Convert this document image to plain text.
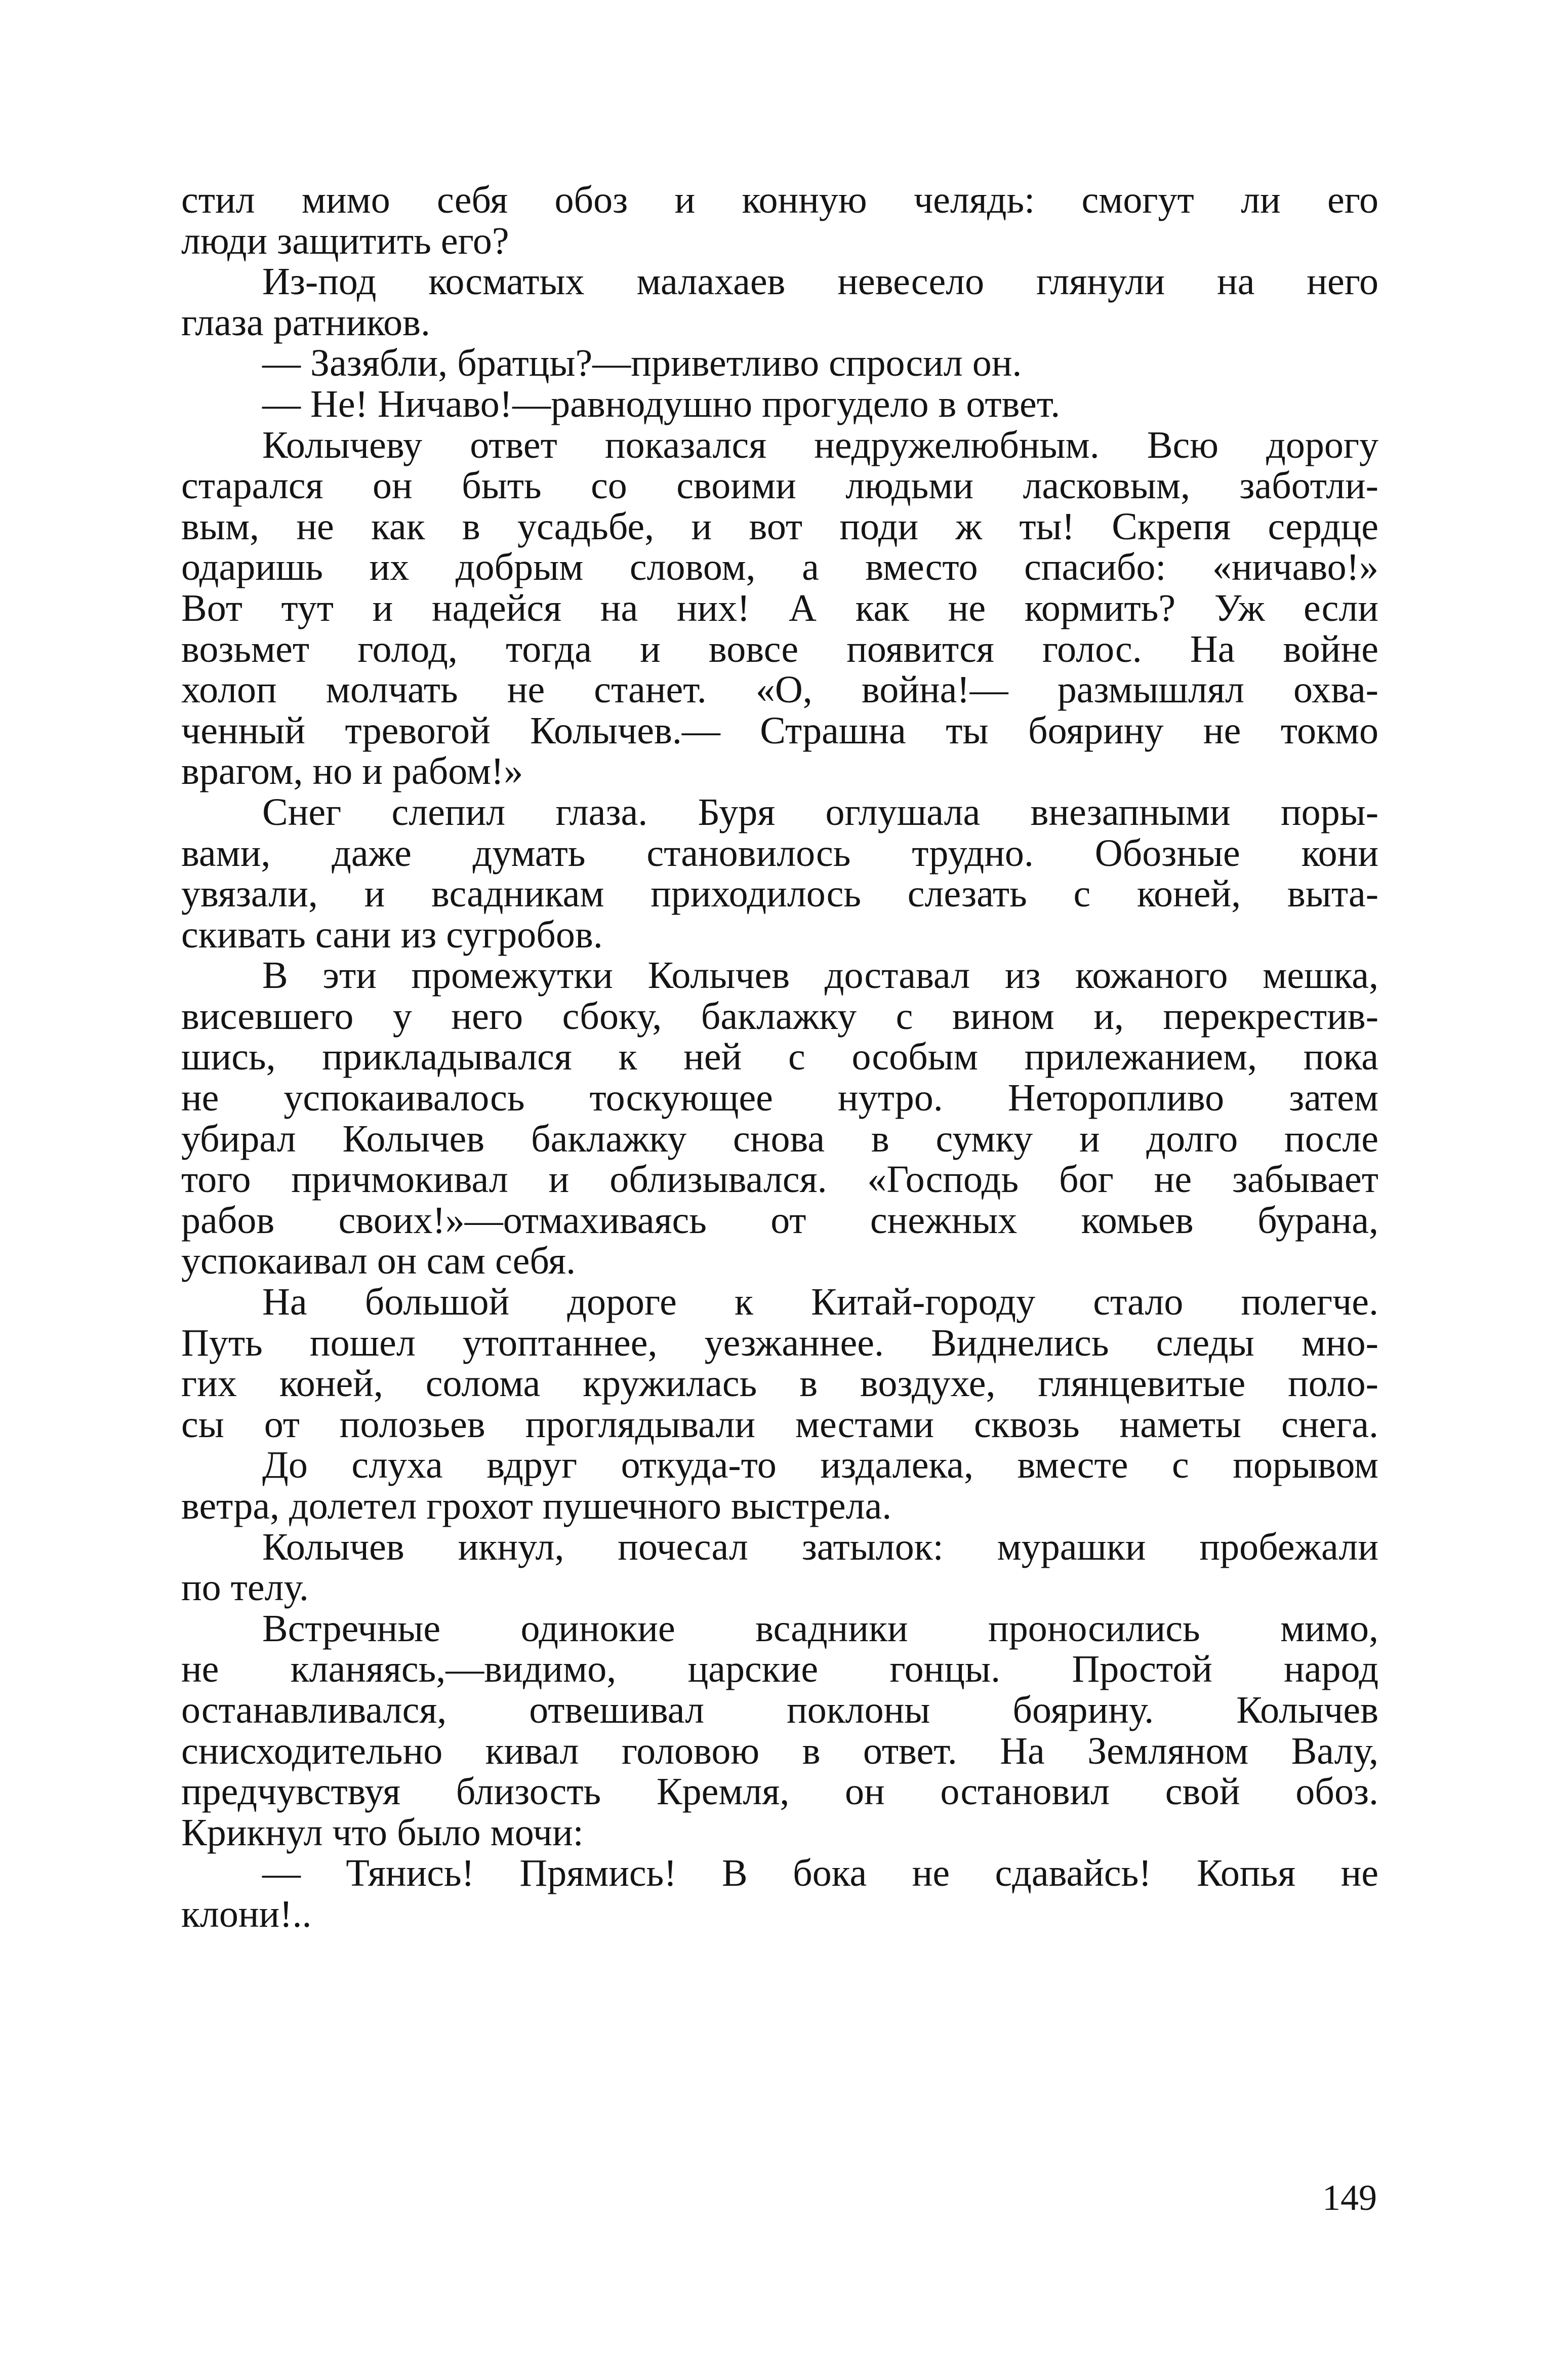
стил мимо себя обоз и конную челядь: смогут ли его
люди защитить его?
Из-под косматых малахаев невесело глянули на него
глаза ратников.
— Зазябли, братцы?—приветливо спросил он.
— Не! Ничаво!—равнодушно прогудело в ответ.
Колычеву ответ показался недружелюбным. Всю дорогу
старался он быть со своими людьми ласковым, заботли-
вым, не как в усадьбе, и вот поди ж ты! Скрепя сердце
одаришь их добрым словом, а вместо спасибо: «ничаво!»
Вот тут и надейся на них! А как не кормить? Уж если
возьмет голод, тогда и вовсе появится голос. На войне
холоп молчать не станет. «О, война!— размышлял охва-
ченный тревогой Колычев.— Страшна ты боярину не токмо
врагом, но и рабом!»
Снег слепил глаза. Буря оглушала внезапными поры-
вами, даже думать становилось трудно. Обозные кони
увязали, и всадникам приходилось слезать с коней, выта-
скивать сани из сугробов.
В эти промежутки Колычев доставал из кожаного мешка,
висевшего у него сбоку, баклажку с вином и, перекрестив-
шись, прикладывался к ней с особым прилежанием, пока
не успокаивалось тоскующее нутро. Неторопливо затем
убирал Колычев баклажку снова в сумку и долго после
того причмокивал и облизывался. «Господь бог не забывает
рабов своих!»—отмахиваясь от снежных комьев бурана,
успокаивал он сам себя.
На большой дороге к Китай-городу стало полегче.
Путь пошел утоптаннее, уезжаннее. Виднелись следы мно-
гих коней, солома кружилась в воздухе, глянцевитые поло-
сы от полозьев проглядывали местами сквозь наметы снега.
До слуха вдруг откуда-то издалека, вместе с порывом
ветра, долетел грохот пушечного выстрела.
Колычев икнул, почесал затылок: мурашки пробежали
по телу.
Встречные одинокие всадники проносились мимо,
не кланяясь,—видимо, царские гонцы. Простой народ
останавливался, отвешивал поклоны боярину. Колычев
снисходительно кивал головою в ответ. На Земляном Валу,
предчувствуя близость Кремля, он остановил свой обоз.
Крикнул что было мочи:
— Тянись! Прямись! В бока не сдавайсь! Копья не
клони!..
149
